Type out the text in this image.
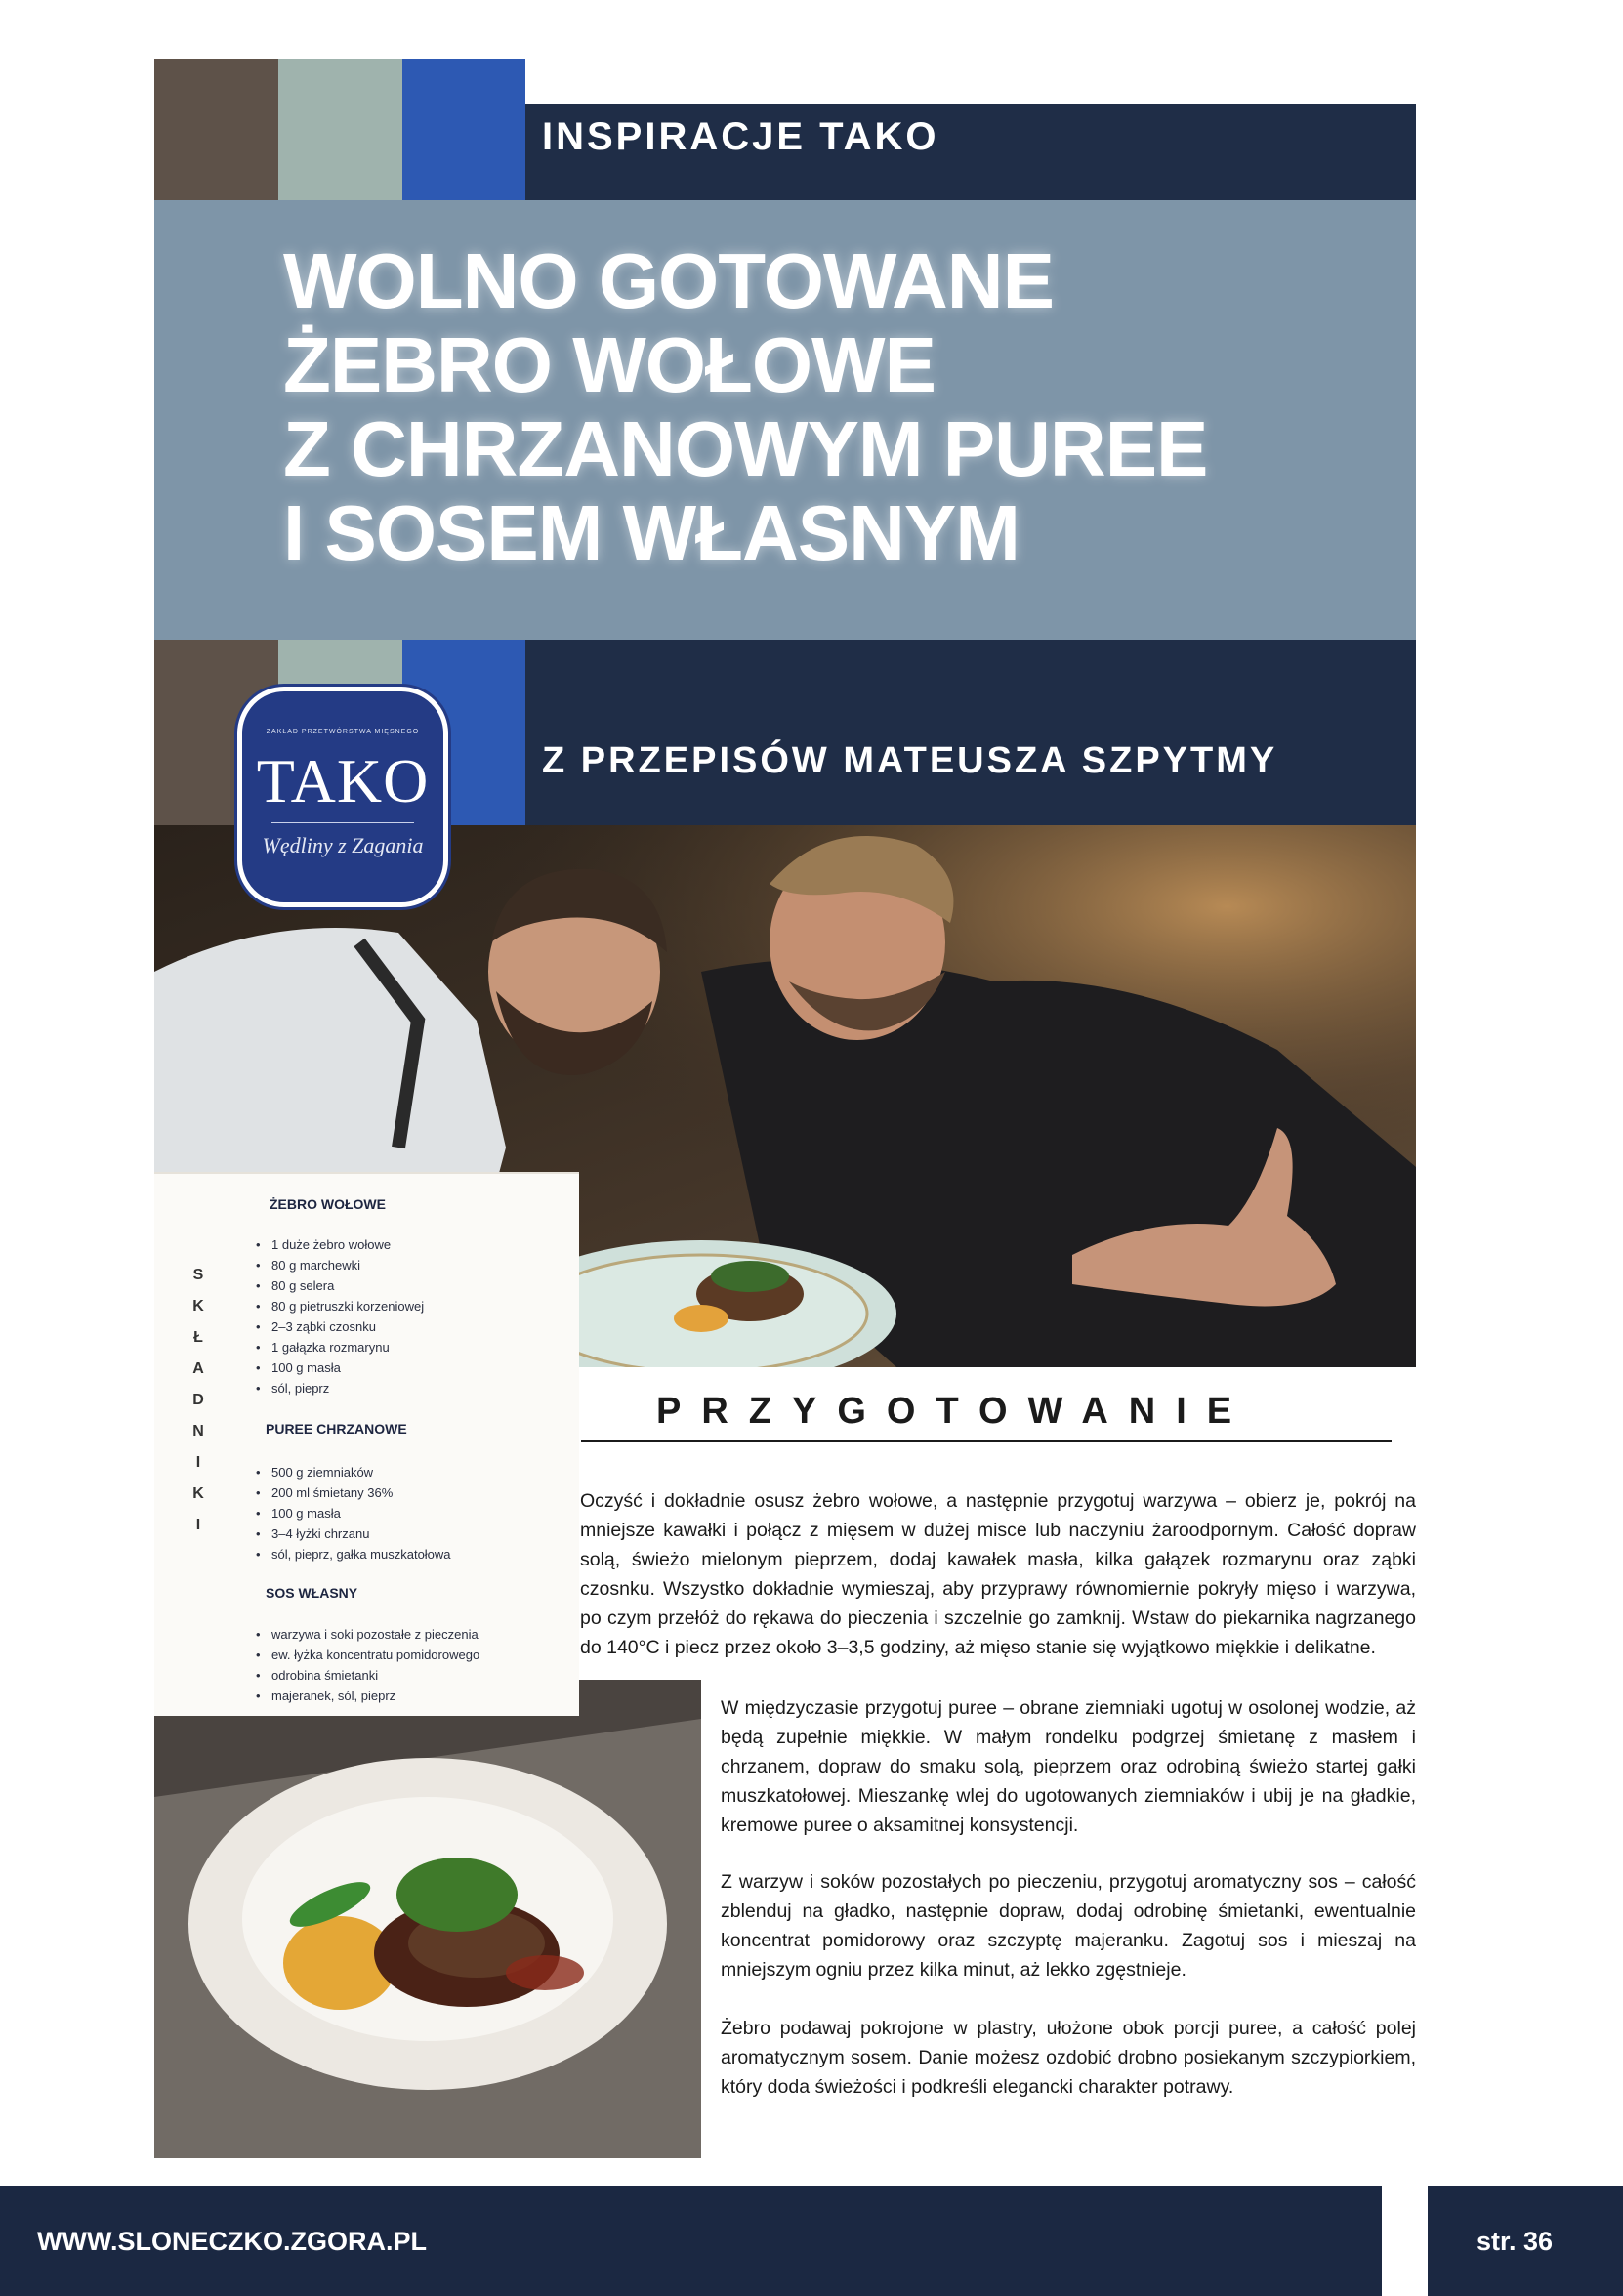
INSPIRACJE TAKO
WOLNO GOTOWANE
ŻEBRO WOŁOWE
Z CHRZANOWYM PUREE
I SOSEM WŁASNYM
Z PRZEPISÓW MATEUSZA SZPYTMY
ZAKŁAD PRZETWÓRSTWA MIĘSNEGO
TAKO
Wędliny z Zagania
S
K
Ł
A
D
N
I
K
I
ŻEBRO WOŁOWE
• 1 duże żebro wołowe
• 80 g marchewki
• 80 g selera
• 80 g pietruszki korzeniowej
• 2–3 ząbki czosnku
• 1 gałązka rozmarynu
• 100 g masła
• sól, pieprz
PUREE CHRZANOWE
• 500 g ziemniaków
• 200 ml śmietany 36%
• 100 g masła
• 3–4 łyżki chrzanu
• sól, pieprz, gałka muszkatołowa
SOS WŁASNY
• warzywa i soki pozostałe z pieczenia
• ew. łyżka koncentratu pomidorowego
• odrobina śmietanki
• majeranek, sól, pieprz
PRZYGOTOWANIE

Oczyść i dokładnie osusz żebro wołowe, a następnie przygotuj warzywa – obierz je, pokrój na mniejsze kawałki i połącz z mięsem w dużej misce lub naczyniu żaroodpornym. Całość dopraw solą, świeżo mielonym pieprzem, dodaj kawałek masła, kilka gałązek rozmarynu oraz ząbki czosnku. Wszystko dokładnie wymieszaj, aby przyprawy równomiernie pokryły mięso i warzywa, po czym przełóż do rękawa do pieczenia i szczelnie go zamknij. Wstaw do piekarnika nagrzanego do 140°C i piecz przez około 3–3,5 godziny, aż mięso stanie się wyjątkowo miękkie i delikatne.

W międzyczasie przygotuj puree – obrane ziemniaki ugotuj w osolonej wodzie, aż będą zupełnie miękkie. W małym rondelku podgrzej śmietanę z masłem i chrzanem, dopraw do smaku solą, pieprzem oraz odrobiną świeżo startej gałki muszkatołowej. Mieszankę wlej do ugotowanych ziemniaków i ubij je na gładkie, kremowe puree o aksamitnej konsystencji.

Z warzyw i soków pozostałych po pieczeniu, przygotuj aromatyczny sos – całość zblenduj na gładko, następnie dopraw, dodaj odrobinę śmietanki, ewentualnie koncentrat pomidorowy oraz szczyptę majeranku. Zagotuj sos i mieszaj na mniejszym ogniu przez kilka minut, aż lekko zgęstnieje.

Żebro podawaj pokrojone w plastry, ułożone obok porcji puree, a całość polej aromatycznym sosem. Danie możesz ozdobić drobno posiekanym szczypiorkiem, który doda świeżości i podkreśli elegancki charakter potrawy.

WWW.SLONECZKO.ZGORA.PL	str. 36
